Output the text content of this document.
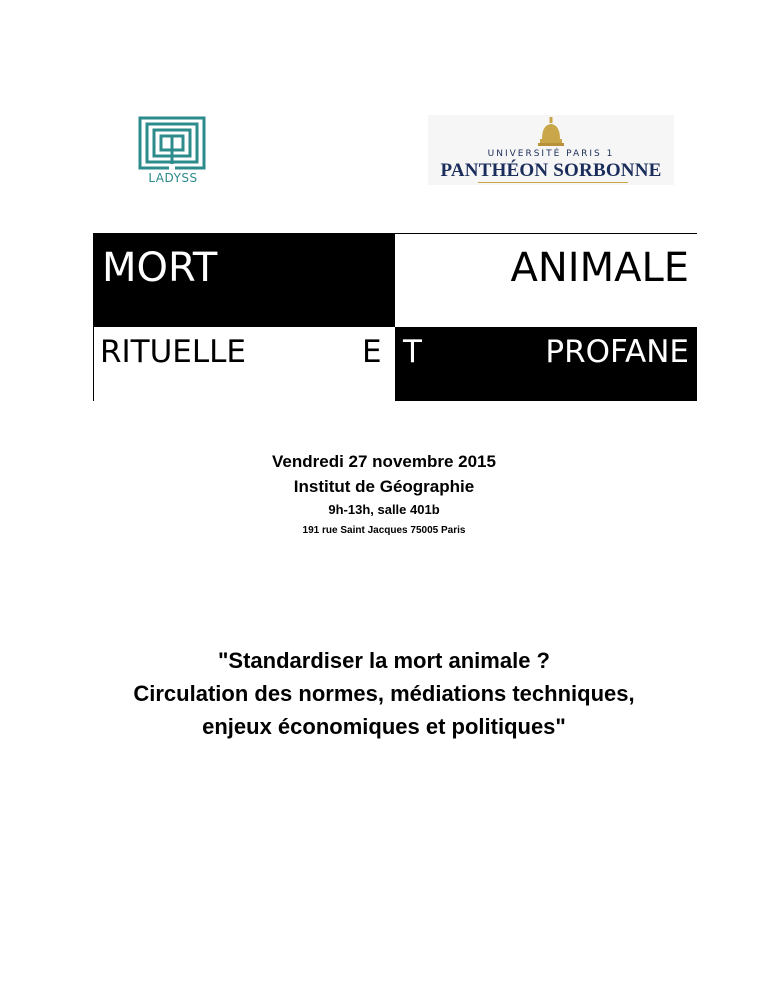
LADYSS
UNIVERSITÉ PARIS 1
PANTHÉON SORBONNE
MORT	ANIMALE
RITUELLE	E T	PROFANE
Vendredi 27 novembre 2015
Institut de Géographie
9h-13h, salle 401b
191 rue Saint Jacques 75005 Paris
"Standardiser la mort animale ?
Circulation des normes, médiations techniques,
enjeux économiques et politiques"
